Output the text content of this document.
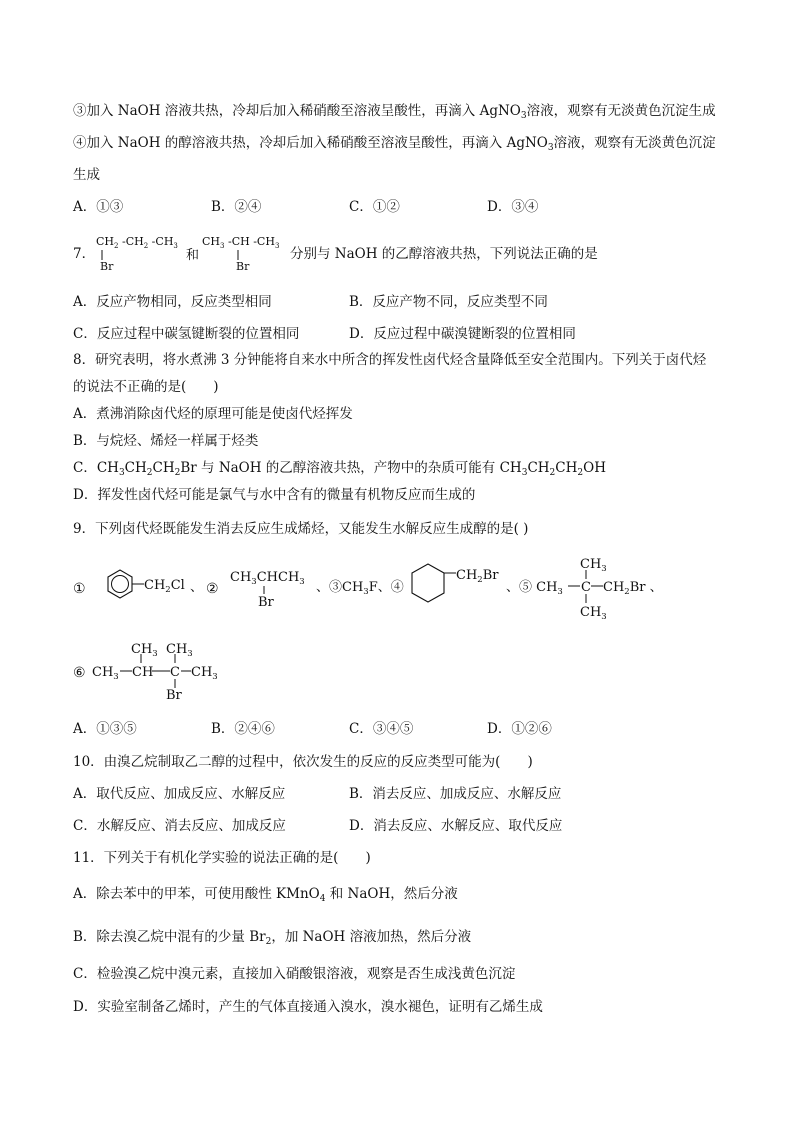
③加入 NaOH 溶液共热，冷却后加入稀硝酸至溶液呈酸性，再滴入 AgNO$_3$溶液，观察有无淡黄色沉淀生成
④加入 NaOH 的醇溶液共热，冷却后加入稀硝酸至溶液呈酸性，再滴入 AgNO$_3$溶液，观察有无淡黄色沉淀
生成
A．①③	B．②④	C．①②	D．③④
7．
$CH_2$ $-CH_2$ $-CH_3$
Br
和
$CH_3$ -CH $-CH_3$
Br
分别与 NaOH 的乙醇溶液共热，下列说法正确的是
A．反应产物相同，反应类型相同	B．反应产物不同，反应类型不同
C．反应过程中碳氢键断裂的位置相同	D．反应过程中碳溴键断裂的位置相同
8．研究表明，将水煮沸 3 分钟能将自来水中所含的挥发性卤代烃含量降低至安全范围内。下列关于卤代烃
的说法不正确的是(　　)
A．煮沸消除卤代烃的原理可能是使卤代烃挥发
B．与烷烃、烯烃一样属于烃类
C．$CH_3CH_2CH_2Br$ 与 NaOH 的乙醇溶液共热，产物中的杂质可能有 $CH_3CH_2CH_2OH$
D．挥发性卤代烃可能是氯气与水中含有的微量有机物反应而生成的
9．下列卤代烃既能发生消去反应生成烯烃，又能发生水解反应生成醇的是( )
①	$CH_2Cl$ 、 ②
$CH_3CHCH_3$
Br
、$③CH_3F$、④
$CH_2Br$
、⑤ $CH_3$ C $CH_2Br$ 、
$CH_3$
$CH_3$
⑥ $CH_3$ CH C $CH_3$
$CH_3$ $CH_3$
Br
A．①③⑤	B．②④⑥	C．③④⑤	D．①②⑥
10．由溴乙烷制取乙二醇的过程中，依次发生的反应的反应类型可能为(　　)
A．取代反应、加成反应、水解反应	B．消去反应、加成反应、水解反应
C．水解反应、消去反应、加成反应	D．消去反应、水解反应、取代反应
11．下列关于有机化学实验的说法正确的是(　　)
A．除去苯中的甲苯，可使用酸性 KMnO$_4$ 和 NaOH，然后分液
B．除去溴乙烷中混有的少量 $Br_2$，加 NaOH 溶液加热，然后分液
C．检验溴乙烷中溴元素，直接加入硝酸银溶液，观察是否生成浅黄色沉淀
D．实验室制备乙烯时，产生的气体直接通入溴水，溴水褪色，证明有乙烯生成
